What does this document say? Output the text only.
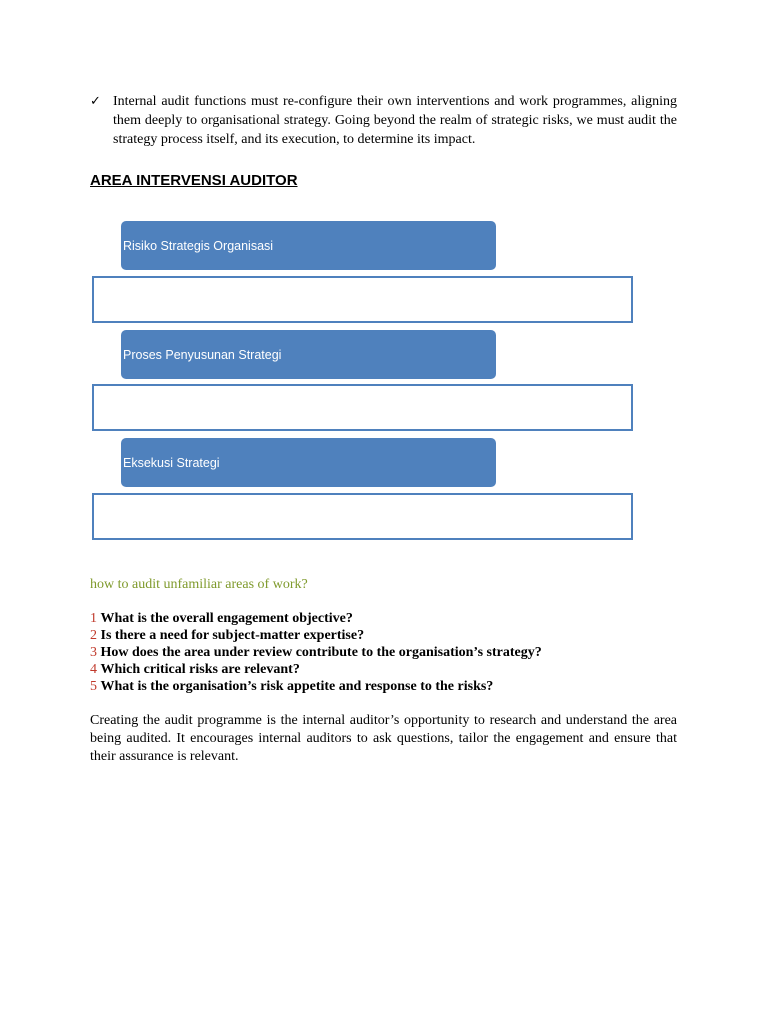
✓ Internal audit functions must re-configure their own interventions and work programmes, aligning them deeply to organisational strategy. Going beyond the realm of strategic risks, we must audit the strategy process itself, and its execution, to determine its impact.

AREA INTERVENSI AUDITOR
Risiko Strategis Organisasi
Proses Penyusunan Strategi
Eksekusi Strategi

how to audit unfamiliar areas of work?

1 What is the overall engagement objective?
2 Is there a need for subject-matter expertise?
3 How does the area under review contribute to the organisation’s strategy?
4 Which critical risks are relevant?
5 What is the organisation’s risk appetite and response to the risks?

Creating the audit programme is the internal auditor’s opportunity to research and understand the area being audited. It encourages internal auditors to ask questions, tailor the engagement and ensure that their assurance is relevant.
